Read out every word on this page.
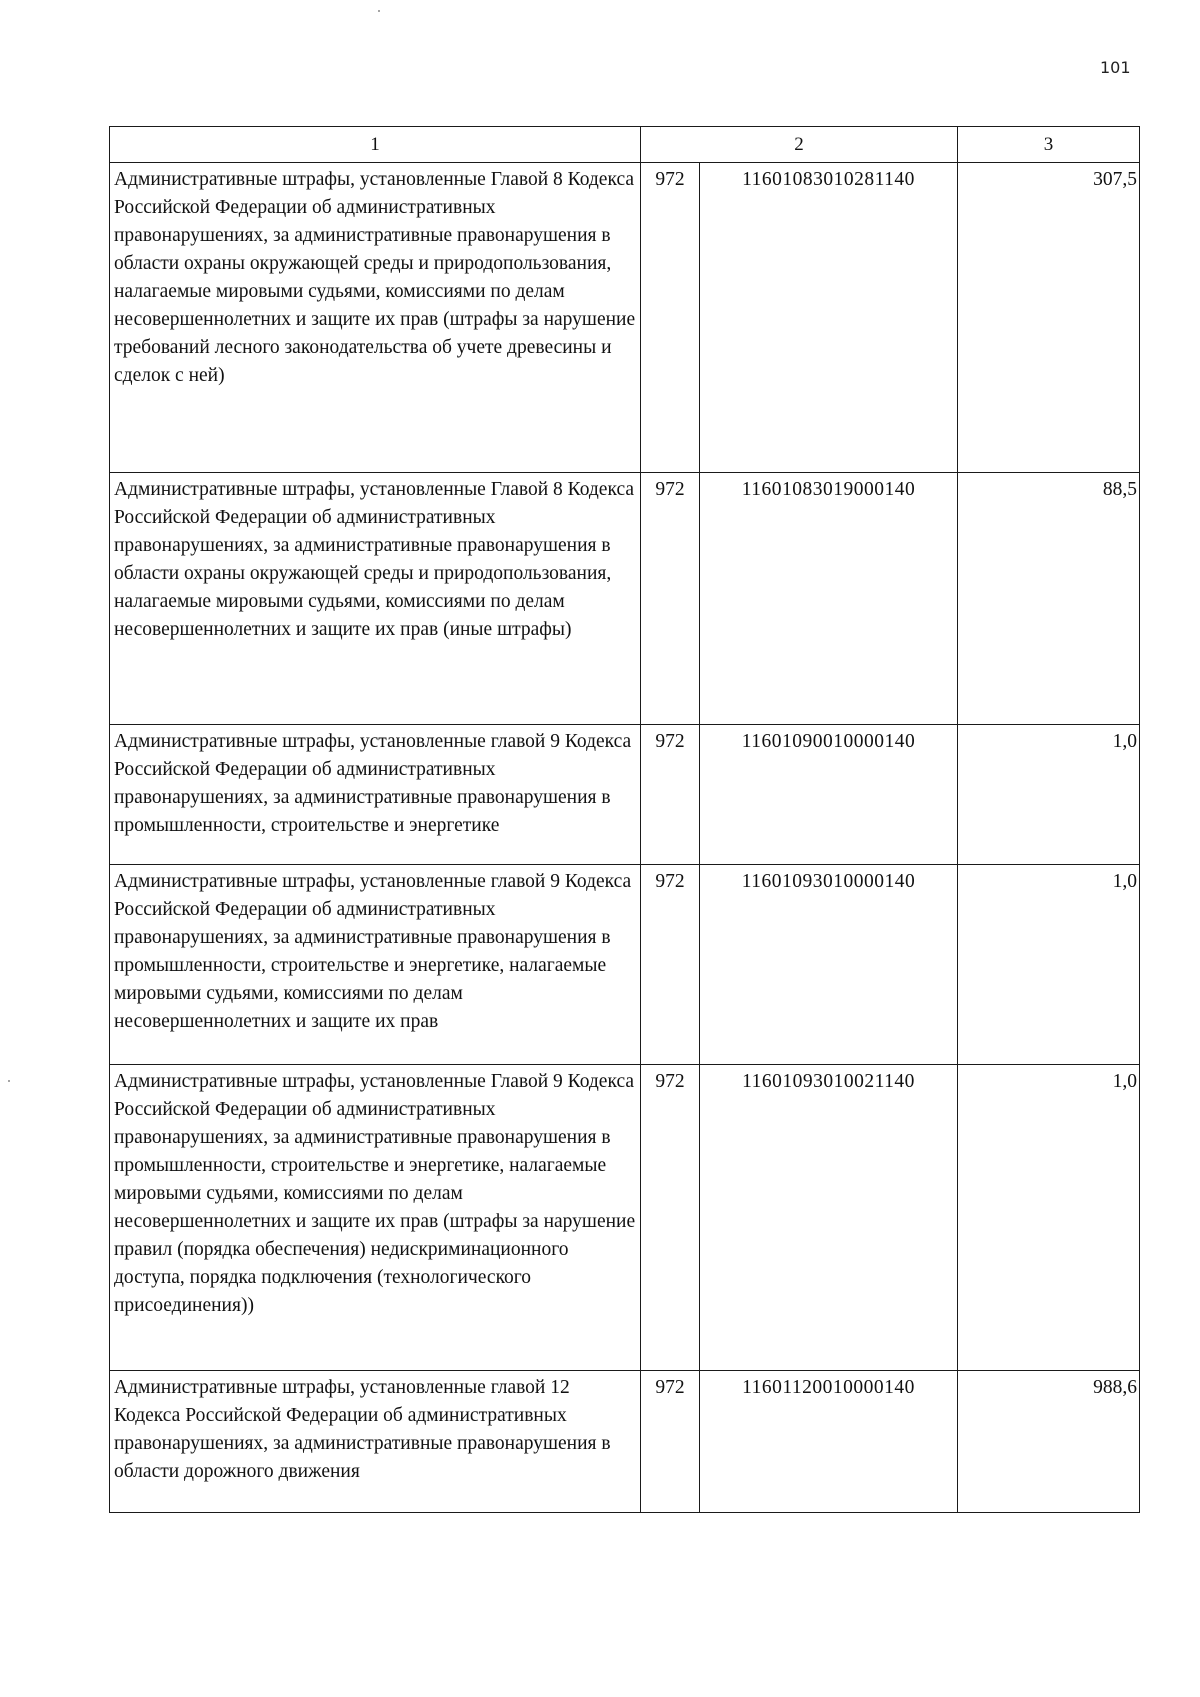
101
1	2		3
Административные штрафы, установленные Главой 8 Кодекса Российской Федерации об административных правонарушениях, за административные правонарушения в области охраны окружающей среды и природопользования, налагаемые мировыми судьями, комиссиями по делам несовершеннолетних и защите их прав (штрафы за нарушение требований лесного законодательства об учете древесины и сделок с ней)	972	11601083010281140	307,5
Административные штрафы, установленные Главой 8 Кодекса Российской Федерации об административных правонарушениях, за административные правонарушения в области охраны окружающей среды и природопользования, налагаемые мировыми судьями, комиссиями по делам несовершеннолетних и защите их прав (иные штрафы)	972	11601083019000140	88,5
Административные штрафы, установленные главой 9 Кодекса Российской Федерации об административных правонарушениях, за административные правонарушения в промышленности, строительстве и энергетике	972	11601090010000140	1,0
Административные штрафы, установленные главой 9 Кодекса Российской Федерации об административных правонарушениях, за административные правонарушения в промышленности, строительстве и энергетике, налагаемые мировыми судьями, комиссиями по делам несовершеннолетних и защите их прав	972	11601093010000140	1,0
Административные штрафы, установленные Главой 9 Кодекса Российской Федерации об административных правонарушениях, за административные правонарушения в промышленности, строительстве и энергетике, налагаемые мировыми судьями, комиссиями по делам несовершеннолетних и защите их прав (штрафы за нарушение правил (порядка обеспечения) недискриминационного доступа, порядка подключения (технологического присоединения))	972	11601093010021140	1,0
Административные штрафы, установленные главой 12 Кодекса Российской Федерации об административных правонарушениях, за административные правонарушения в области дорожного движения	972	11601120010000140	988,6
